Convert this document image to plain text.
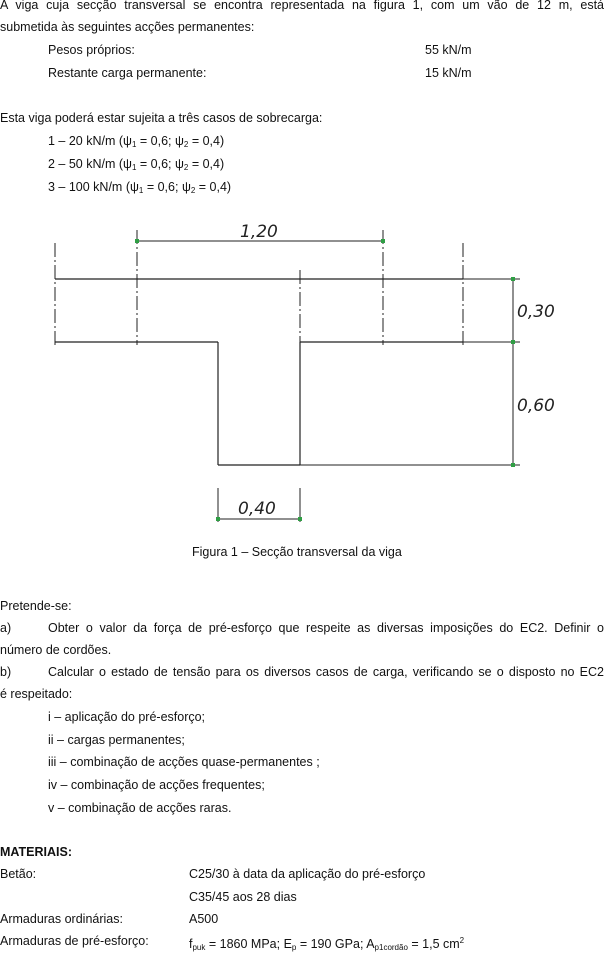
A viga cuja secção transversal se encontra representada na figura 1, com um vão de 12 m, está
submetida às seguintes acções permanentes:
Pesos próprios:	55 kN/m
Restante carga permanente:	15 kN/m
Esta viga poderá estar sujeita a três casos de sobrecarga:
1 – 20 kN/m ($\psi_1 = 0,6$; $\psi_2 = 0,4$)
2 – 50 kN/m ($\psi_1 = 0,6$; $\psi_2 = 0,4$)
3 – 100 kN/m ($\psi_1 = 0,6$; $\psi_2 = 0,4$)
1,20
0,30
0,60
0,40
Figura 1 – Secção transversal da viga
Pretende-se:
a)	Obter o valor da força de pré-esforço que respeite as diversas imposições do EC2. Definir o
número de cordões.
b)	Calcular o estado de tensão para os diversos casos de carga, verificando se o disposto no EC2
é respeitado:
i – aplicação do pré-esforço;
ii – cargas permanentes;
iii – combinação de acções quase-permanentes ;
iv – combinação de acções frequentes;
v – combinação de acções raras.
MATERIAIS:
Betão:	C25/30 à data da aplicação do pré-esforço
C35/45 aos 28 dias
Armaduras ordinárias:	A500
Armaduras de pré-esforço:	$f_{puk} = 1860$ MPa; $E_p = 190$ GPa; $A_{p1cordão} = 1,5$ $cm^2$
